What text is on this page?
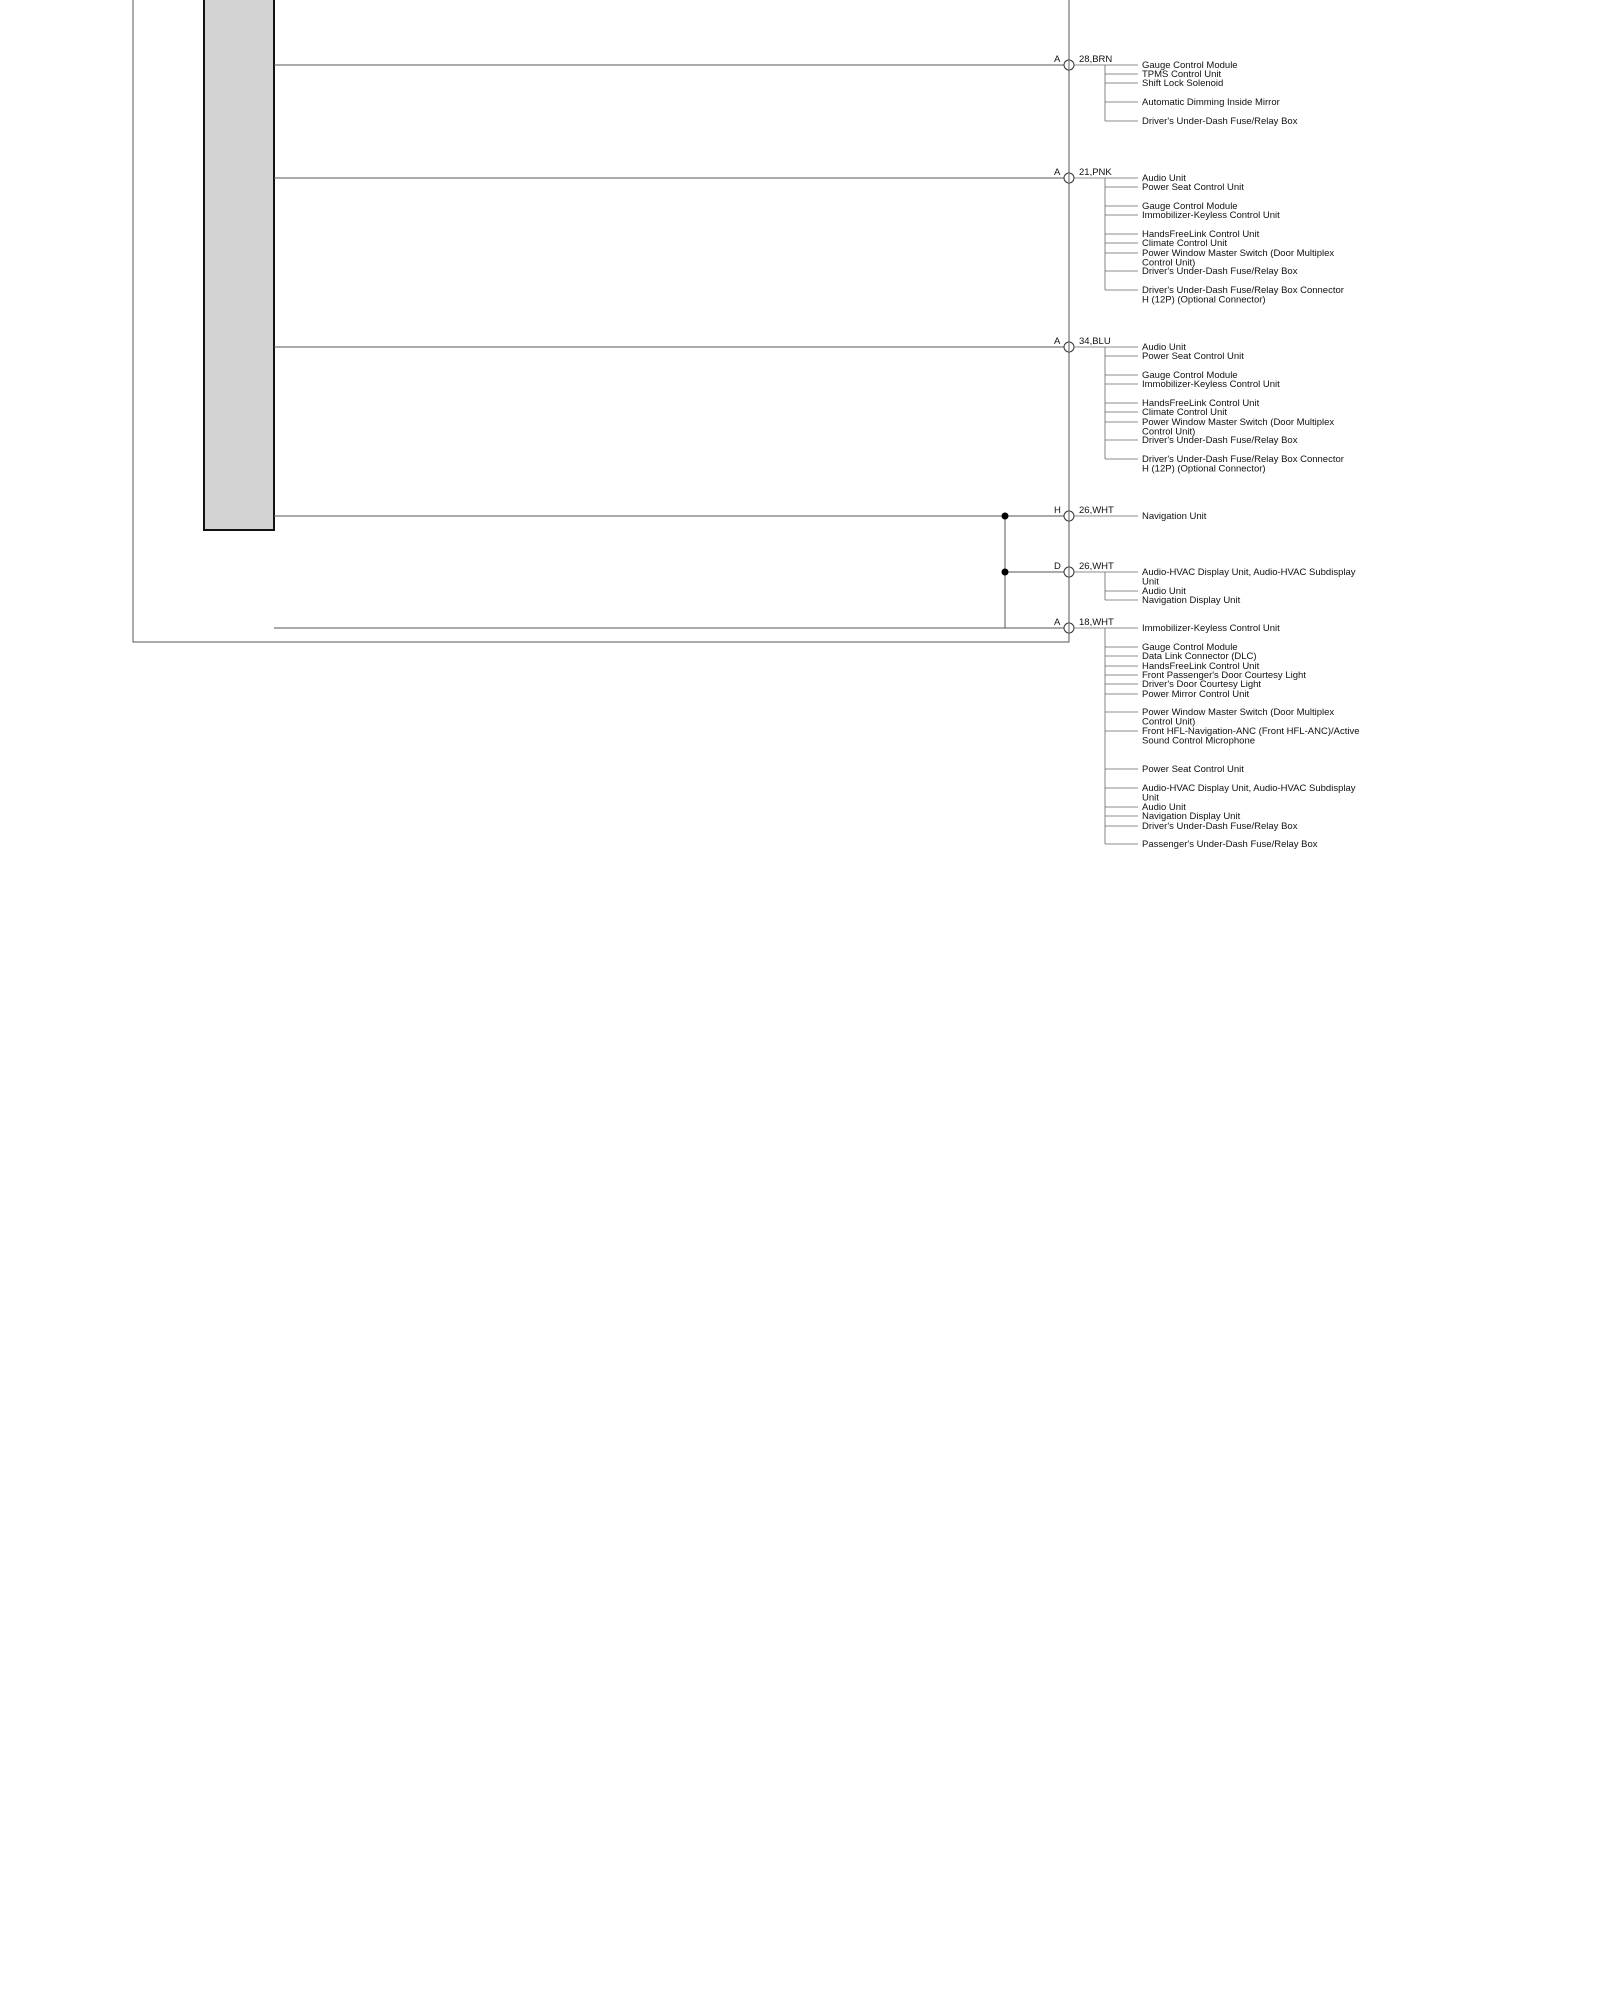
A 28,BRN
Gauge Control Module
TPMS Control Unit
Shift Lock Solenoid
Automatic Dimming Inside Mirror
Driver's Under-Dash Fuse/Relay Box
A 21,PNK
Audio Unit
Power Seat Control Unit
Gauge Control Module
Immobilizer-Keyless Control Unit
HandsFreeLink Control Unit
Climate Control Unit
Power Window Master Switch (Door Multiplex
Control Unit)
Driver's Under-Dash Fuse/Relay Box
Driver's Under-Dash Fuse/Relay Box Connector
H (12P) (Optional Connector)
A 34,BLU
Audio Unit
Power Seat Control Unit
Gauge Control Module
Immobilizer-Keyless Control Unit
HandsFreeLink Control Unit
Climate Control Unit
Power Window Master Switch (Door Multiplex
Control Unit)
Driver's Under-Dash Fuse/Relay Box
Driver's Under-Dash Fuse/Relay Box Connector
H (12P) (Optional Connector)
H 26,WHT
Navigation Unit
D 26,WHT
Audio-HVAC Display Unit, Audio-HVAC Subdisplay
Unit
Audio Unit
Navigation Display Unit
A 18,WHT
Immobilizer-Keyless Control Unit
Gauge Control Module
Data Link Connector (DLC)
HandsFreeLink Control Unit
Front Passenger's Door Courtesy Light
Driver's Door Courtesy Light
Power Mirror Control Unit
Power Window Master Switch (Door Multiplex
Control Unit)
Front HFL-Navigation-ANC (Front HFL-ANC)/Active
Sound Control Microphone
Power Seat Control Unit
Audio-HVAC Display Unit, Audio-HVAC Subdisplay
Unit
Audio Unit
Navigation Display Unit
Driver's Under-Dash Fuse/Relay Box
Passenger's Under-Dash Fuse/Relay Box
